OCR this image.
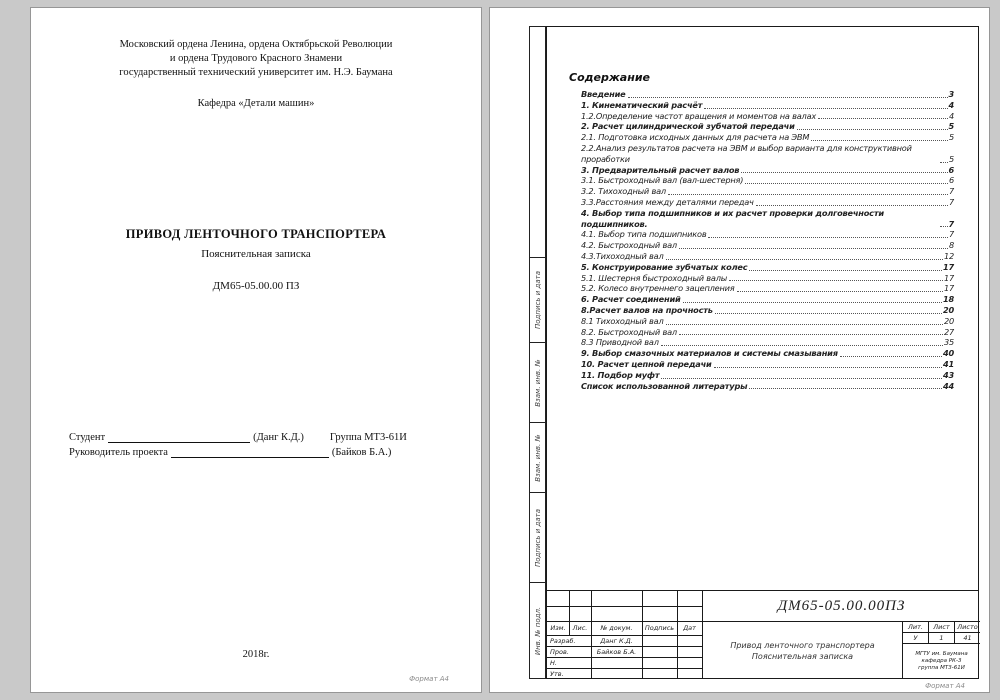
Московский ордена Ленина, ордена Октябрьской Революции
и ордена Трудового Красного Знамени
государственный технический университет им. Н.Э. Баумана
Кафедра «Детали машин»
ПРИВОД ЛЕНТОЧНОГО ТРАНСПОРТЕРА
Пояснительная записка
ДМ65-05.00.00 ПЗ
Студент	(Данг К.Д.) Группа МТ3-61И
Руководитель проекта	(Байков Б.А.)
2018г.
Формат А4
Подпись и дата
Взам. инв. №
Взам. инв. №
Подпись и дата
Инв. № подл.
Содержание
Введение	3
1. Кинематический расчёт	4
1.2.Определение частот вращения и моментов на валах	4
2. Расчет цилиндрической зубчатой передачи	5
2.1. Подготовка исходных данных для расчета на ЭВМ	5
2.2.Анализ результатов расчета на ЭВМ и выбор варианта для конструктивной проработки	5
3. Предварительный расчет валов	6
3.1. Быстроходный вал (вал-шестерня)	6
3.2. Тихоходный вал	7
3.3.Расстояния между деталями передач	7
4. Выбор типа подшипников и их расчет проверки долговечности подшипников.	7
4.1. Выбор типа подшипников	7
4.2. Быстроходный вал	8
4.3.Тихоходный вал	12
5. Конструирование зубчатых колес	17
5.1. Шестерня быстроходный валы	17
5.2. Колесо внутреннего зацепления	17
6. Расчет соединений	18
8.Расчет валов на прочность	20
8.1 Тихоходный вал	20
8.2. Быстроходный вал	27
8.3 Приводной вал	35
9. Выбор смазочных материалов и системы смазывания	40
10. Расчет цепной передачи	41
11. Подбор муфт	43
Список использованной литературы	44
Изм.	Лис.	№ докум.	Подпись	Дат
Разраб.	Данг К.Д.
Пров.	Байков Б.А.
Н.
Утв.
ДМ65-05.00.00ПЗ
Привод ленточного транспортера
Пояснительная записка
Лит.	Лист	Листо
У	1	41
МГТУ им. Баумана
кафедра РК-3
группа МТ3-61И
Формат А4
